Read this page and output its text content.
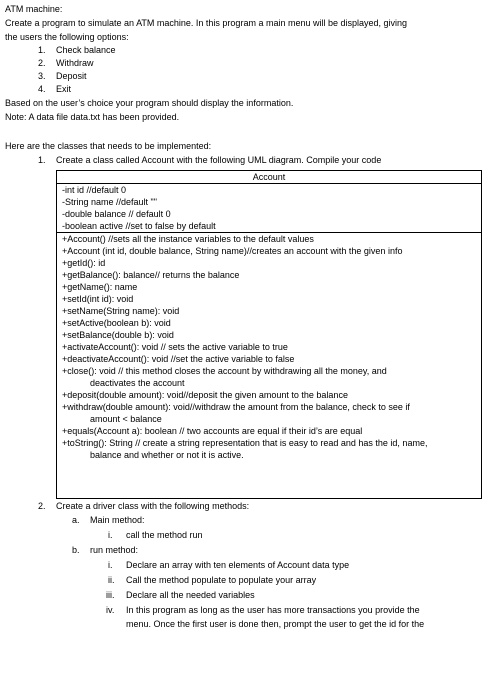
ATM machine:
Create a program to simulate an ATM machine. In this program a main menu will be displayed, giving
the users the following options:
1. Check balance
2. Withdraw
3. Deposit
4. Exit
Based on the user’s choice your program should display the information.
Note: A data file data.txt has been provided.
Here are the classes that needs to be implemented:
1. Create a class called Account with the following UML diagram. Compile your code
Account
-int id //default 0
-String name //default ""
-double balance // default 0
-boolean active //set to false by default
+Account() //sets all the instance variables to the default values
+Account (int id, double balance, String name)//creates an account with the given info
+getId(): id
+getBalance(): balance// returns the balance
+getName(): name
+setId(int id): void
+setName(String name): void
+setActive(boolean b): void
+setBalance(double b): void
+activateAccount(): void // sets the active variable to true
+deactivateAccount(): void //set the active variable to false
+close(): void // this method closes the account by withdrawing all the money, and
deactivates the account
+deposit(double amount): void//deposit the given amount to the balance
+withdraw(double amount): void//withdraw the amount from the balance, check to see if
amount < balance
+equals(Account a): boolean // two accounts are equal if their id’s are equal
+toString(): String // create a string representation that is easy to read and has the id, name,
balance and whether or not it is active.
2. Create a driver class with the following methods:
a. Main method:
i. call the method run
b. run method:
i. Declare an array with ten elements of Account data type
ii. Call the method populate to populate your array
iii. Declare all the needed variables
iv. In this program as long as the user has more transactions you provide the
menu. Once the first user is done then, prompt the user to get the id for the
